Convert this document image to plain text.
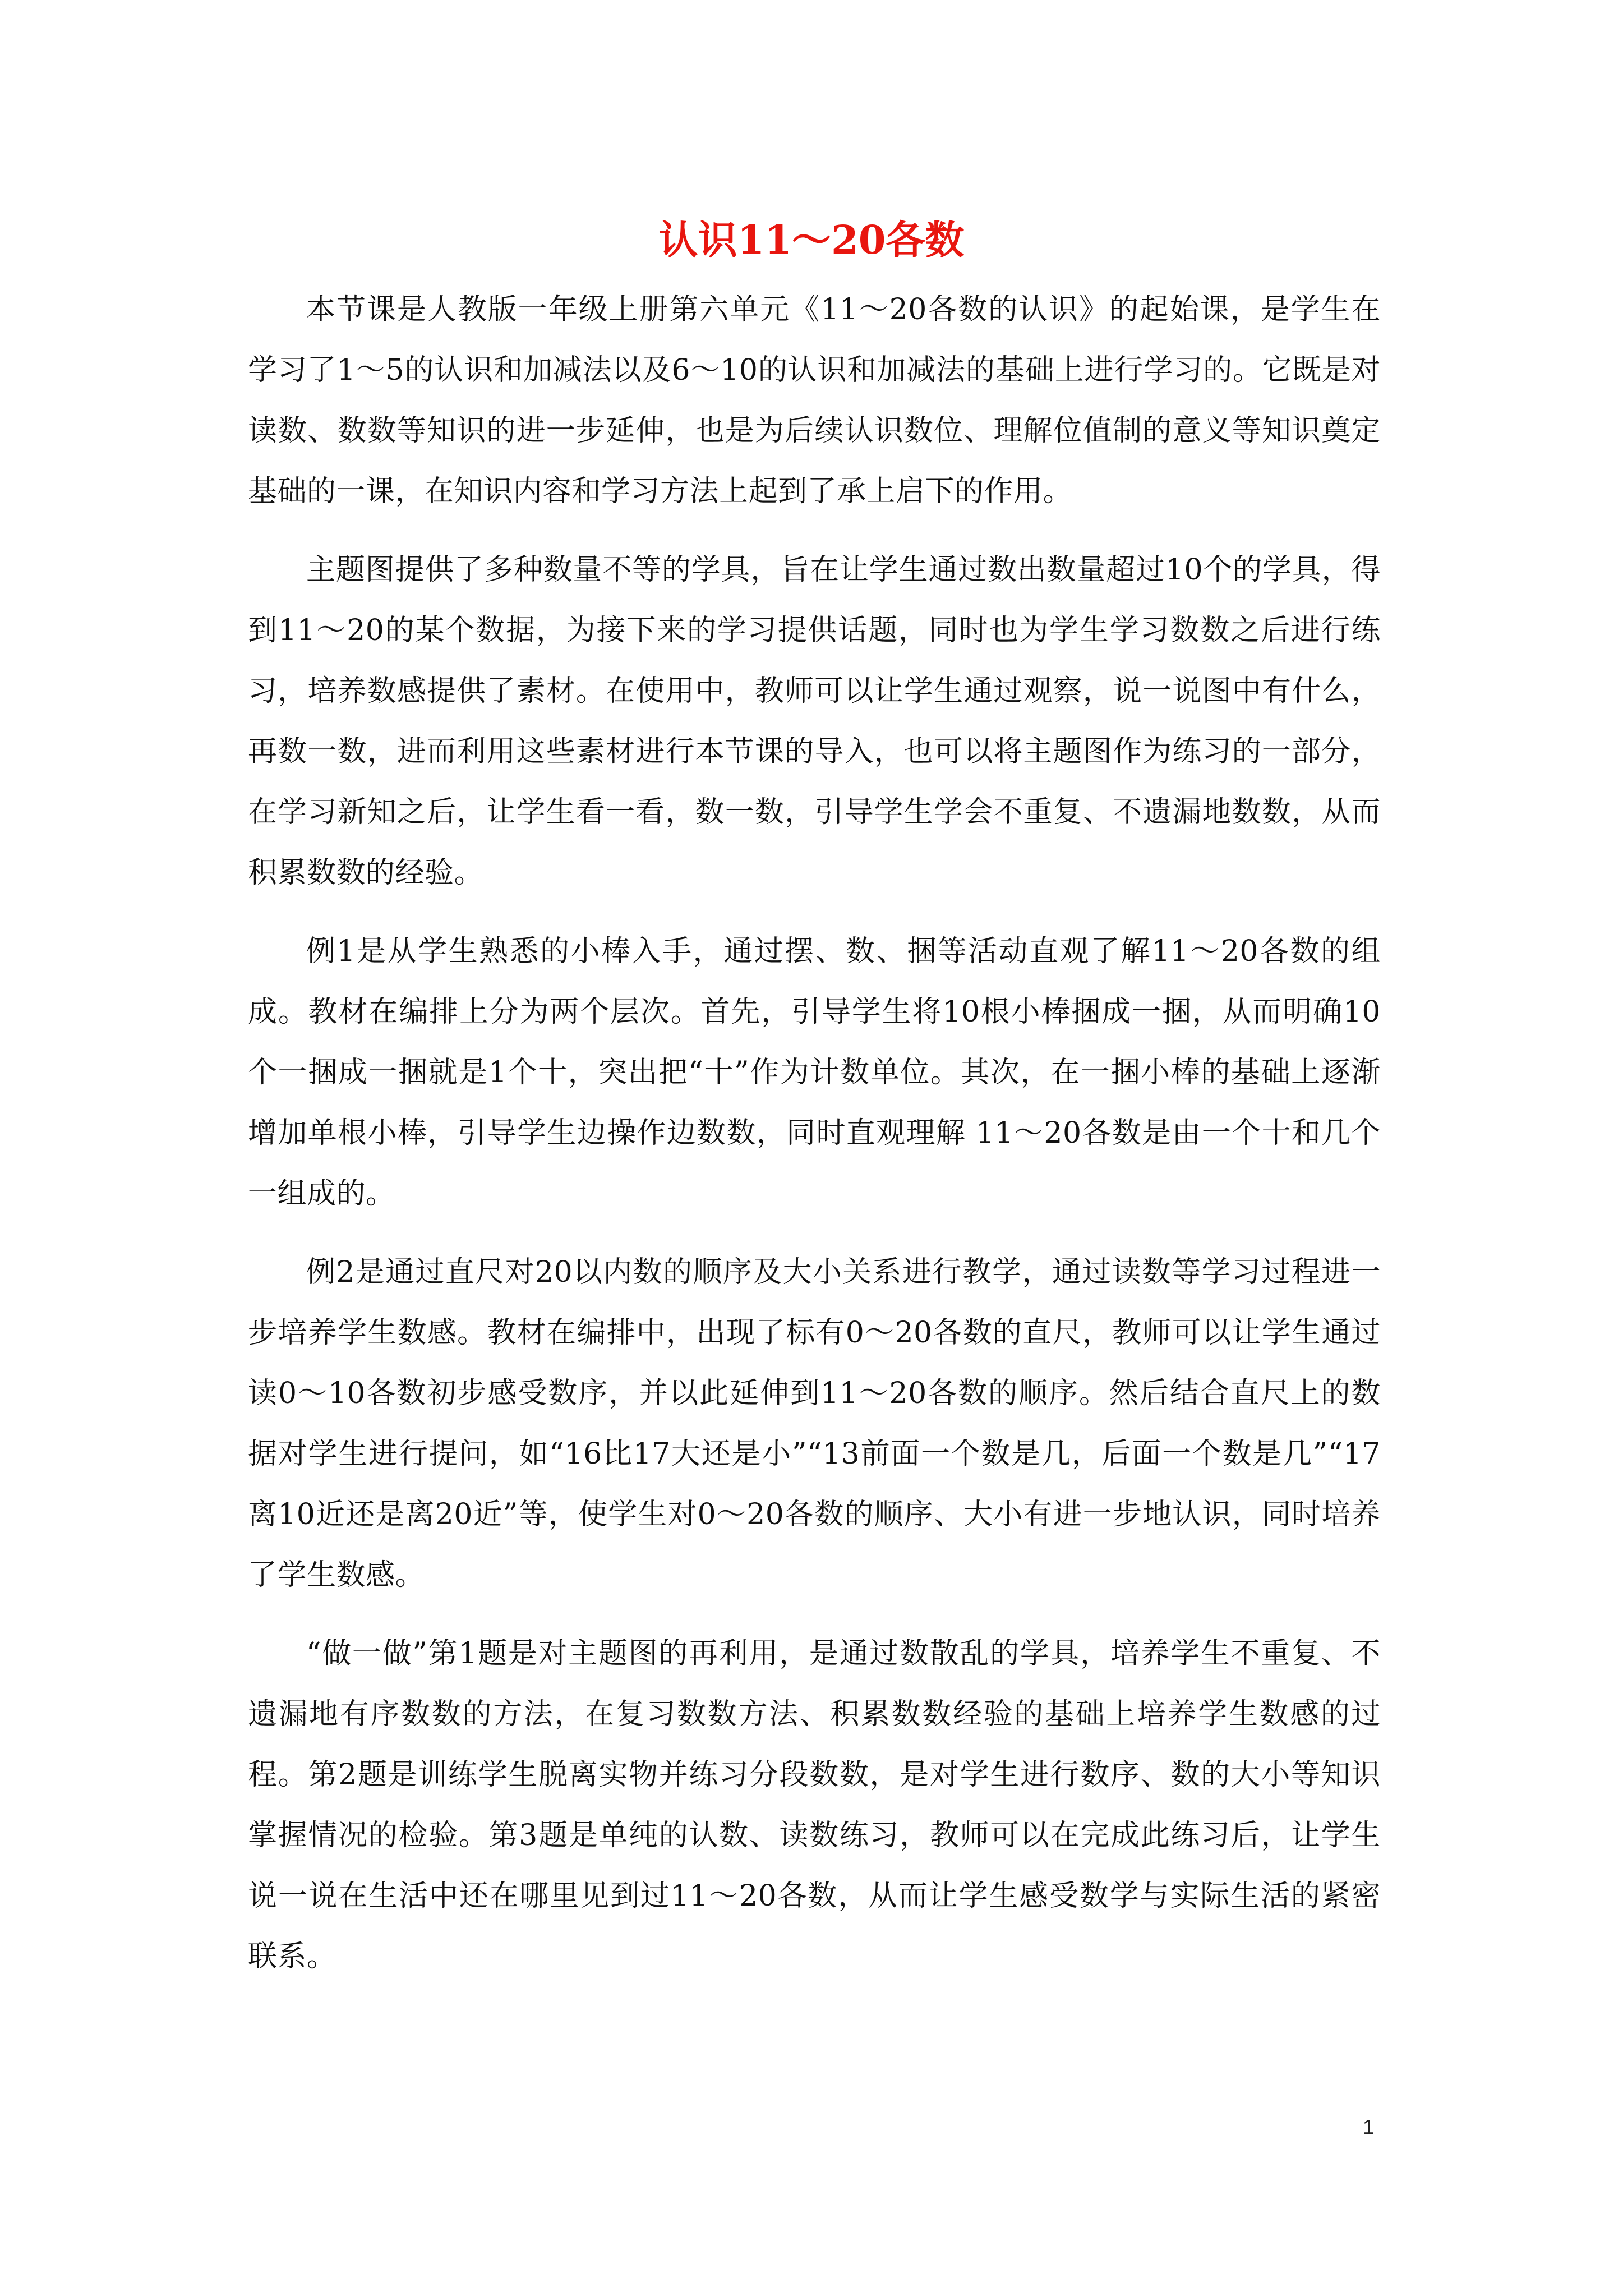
认识11～20各数

本节课是人教版一年级上册第六单元《11～20各数的认识》的起始课，是学生在学习了1～5的认识和加减法以及6～10的认识和加减法的基础上进行学习的。它既是对读数、数数等知识的进一步延伸，也是为后续认识数位、理解位值制的意义等知识奠定基础的一课，在知识内容和学习方法上起到了承上启下的作用。

主题图提供了多种数量不等的学具，旨在让学生通过数出数量超过10个的学具，得到11～20的某个数据，为接下来的学习提供话题，同时也为学生学习数数之后进行练习，培养数感提供了素材。在使用中，教师可以让学生通过观察，说一说图中有什么，再数一数，进而利用这些素材进行本节课的导入，也可以将主题图作为练习的一部分，在学习新知之后，让学生看一看，数一数，引导学生学会不重复、不遗漏地数数，从而积累数数的经验。

例1是从学生熟悉的小棒入手，通过摆、数、捆等活动直观了解11～20各数的组成。教材在编排上分为两个层次。首先，引导学生将10根小棒捆成一捆，从而明确10个一捆成一捆就是1个十，突出把“十”作为计数单位。其次，在一捆小棒的基础上逐渐增加单根小棒，引导学生边操作边数数，同时直观理解 11～20各数是由一个十和几个一组成的。

例2是通过直尺对20以内数的顺序及大小关系进行教学，通过读数等学习过程进一步培养学生数感。教材在编排中，出现了标有0～20各数的直尺，教师可以让学生通过读0～10各数初步感受数序，并以此延伸到11～20各数的顺序。然后结合直尺上的数据对学生进行提问，如“16比17大还是小”“13前面一个数是几，后面一个数是几”“17离10近还是离20近”等，使学生对0～20各数的顺序、大小有进一步地认识，同时培养了学生数感。

“做一做”第1题是对主题图的再利用，是通过数散乱的学具，培养学生不重复、不遗漏地有序数数的方法，在复习数数方法、积累数数经验的基础上培养学生数感的过程。第2题是训练学生脱离实物并练习分段数数，是对学生进行数序、数的大小等知识掌握情况的检验。第3题是单纯的认数、读数练习，教师可以在完成此练习后，让学生说一说在生活中还在哪里见到过11～20各数，从而让学生感受数学与实际生活的紧密联系。

1
